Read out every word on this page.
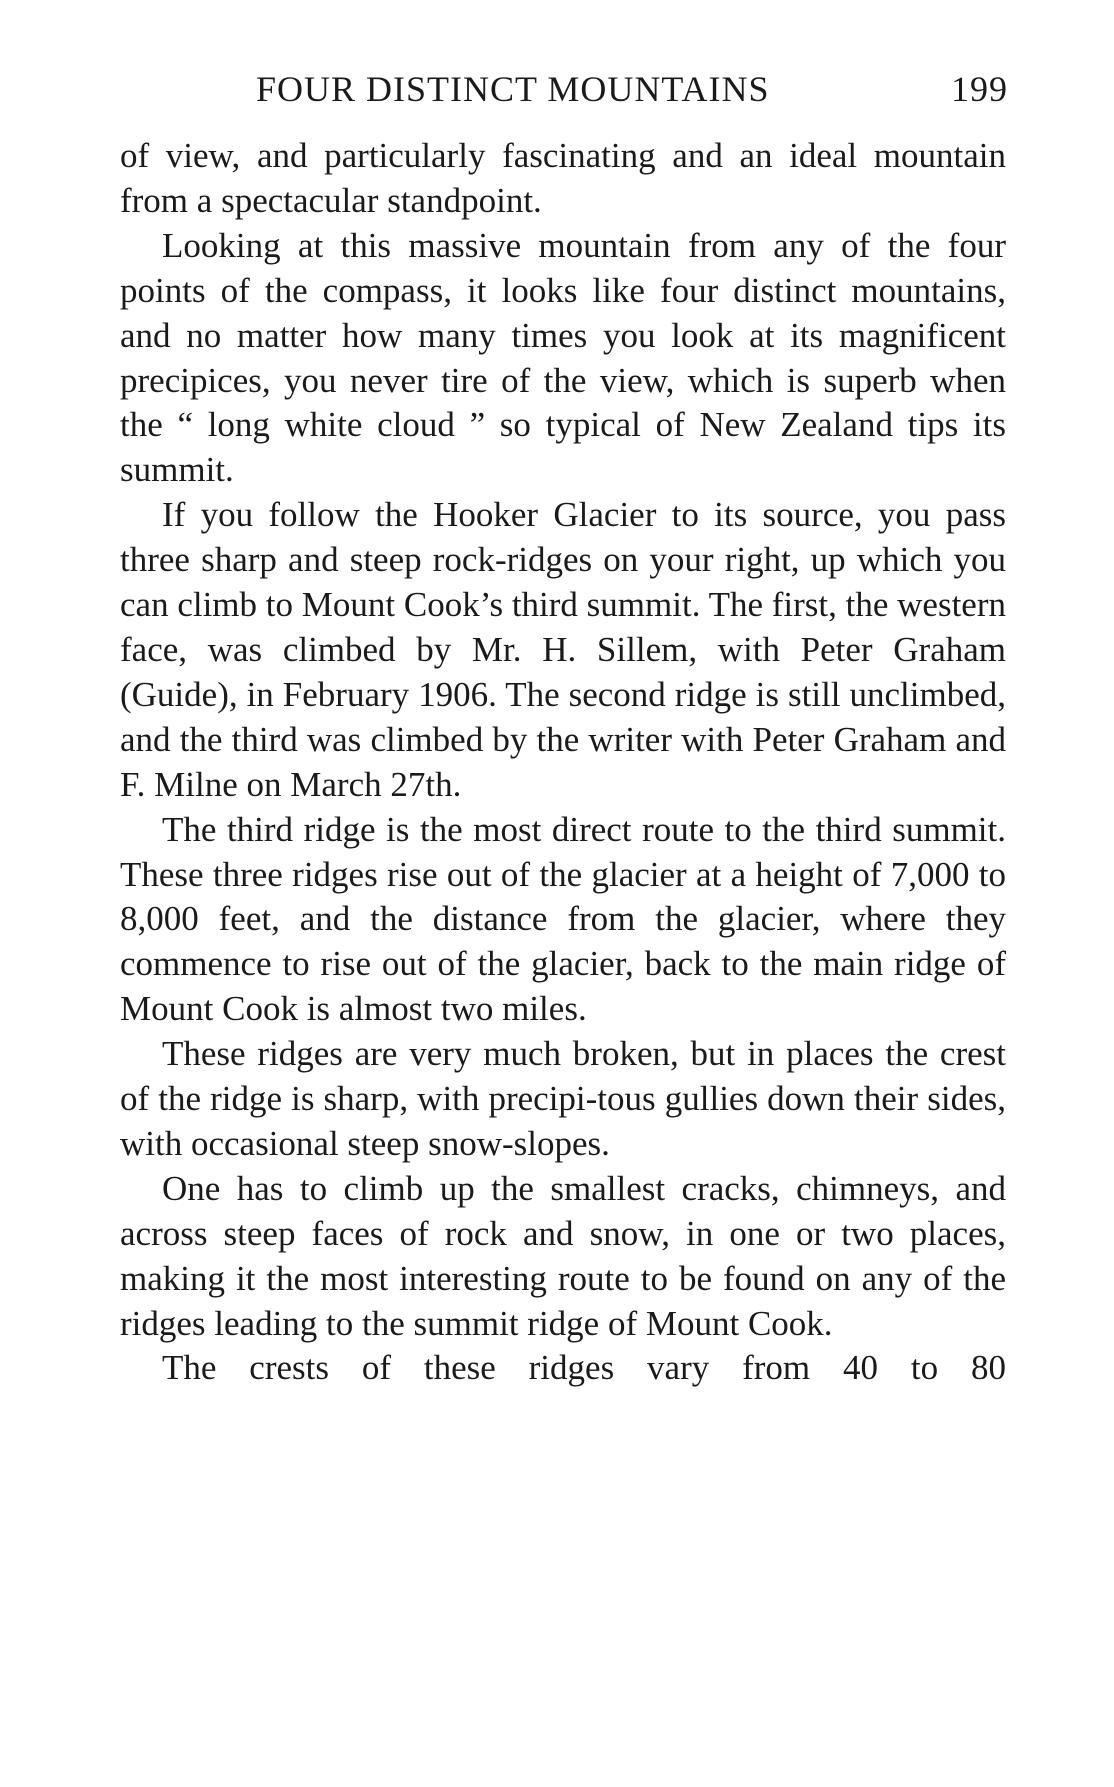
FOUR DISTINCT MOUNTAINS	199

of view, and particularly fascinating and an ideal mountain from a spectacular standpoint.

Looking at this massive mountain from any of the four points of the compass, it looks like four distinct mountains, and no matter how many times you look at its magnificent precipices, you never tire of the view, which is superb when the “ long white cloud ” so typical of New Zealand tips its summit.

If you follow the Hooker Glacier to its source, you pass three sharp and steep rock-ridges on your right, up which you can climb to Mount Cook’s third summit. The first, the western face, was climbed by Mr. H. Sillem, with Peter Graham (Guide), in February 1906. The second ridge is still unclimbed, and the third was climbed by the writer with Peter Graham and F. Milne on March 27th.

The third ridge is the most direct route to the third summit. These three ridges rise out of the glacier at a height of 7,000 to 8,000 feet, and the distance from the glacier, where they commence to rise out of the glacier, back to the main ridge of Mount Cook is almost two miles.

These ridges are very much broken, but in places the crest of the ridge is sharp, with precipi-tous gullies down their sides, with occasional steep snow-slopes.

One has to climb up the smallest cracks, chimneys, and across steep faces of rock and snow, in one or two places, making it the most interesting route to be found on any of the ridges leading to the summit ridge of Mount Cook.

The crests of these ridges vary from 40 to 80
